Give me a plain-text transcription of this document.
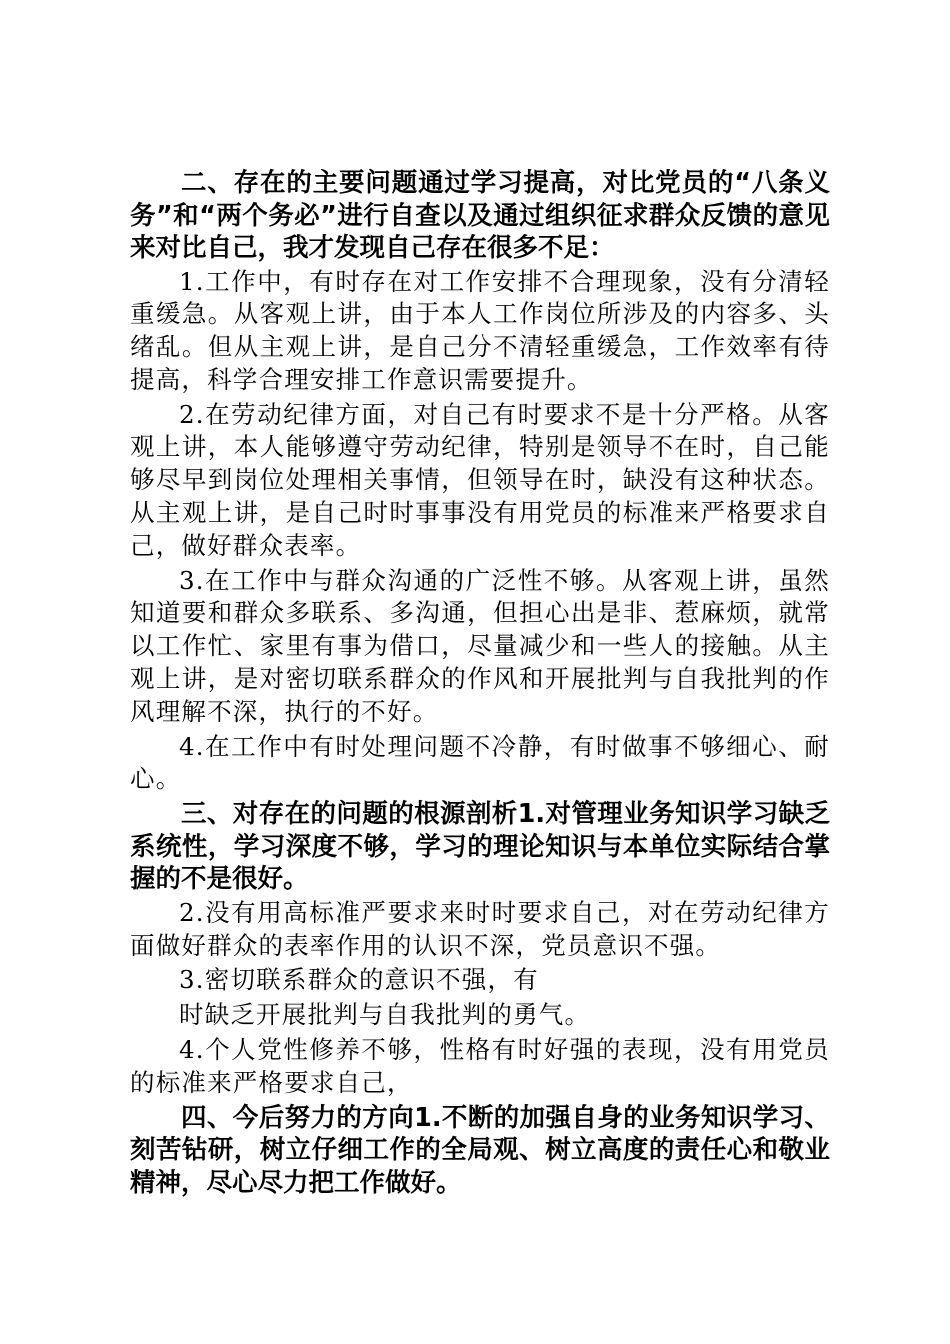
二、存在的主要问题通过学习提高，对比党员的“八条义务”和“两个务必”进行自查以及通过组织征求群众反馈的意见来对比自己，我才发现自己存在很多不足：

1.工作中，有时存在对工作安排不合理现象，没有分清轻重缓急。从客观上讲，由于本人工作岗位所涉及的内容多、头绪乱。但从主观上讲，是自己分不清轻重缓急，工作效率有待提高，科学合理安排工作意识需要提升。

2.在劳动纪律方面，对自己有时要求不是十分严格。从客观上讲，本人能够遵守劳动纪律，特别是领导不在时，自己能够尽早到岗位处理相关事情，但领导在时，缺没有这种状态。从主观上讲，是自己时时事事没有用党员的标准来严格要求自己，做好群众表率。

3.在工作中与群众沟通的广泛性不够。从客观上讲，虽然知道要和群众多联系、多沟通，但担心出是非、惹麻烦，就常以工作忙、家里有事为借口，尽量减少和一些人的接触。从主观上讲，是对密切联系群众的作风和开展批判与自我批判的作风理解不深，执行的不好。

4.在工作中有时处理问题不冷静，有时做事不够细心、耐心。

三、对存在的问题的根源剖析1.对管理业务知识学习缺乏系统性，学习深度不够，学习的理论知识与本单位实际结合掌握的不是很好。

2.没有用高标准严要求来时时要求自己，对在劳动纪律方面做好群众的表率作用的认识不深，党员意识不强。

3.密切联系群众的意识不强，有

时缺乏开展批判与自我批判的勇气。

4.个人党性修养不够，性格有时好强的表现，没有用党员的标准来严格要求自己，

四、今后努力的方向1.不断的加强自身的业务知识学习、刻苦钻研，树立仔细工作的全局观、树立高度的责任心和敬业精神，尽心尽力把工作做好。
